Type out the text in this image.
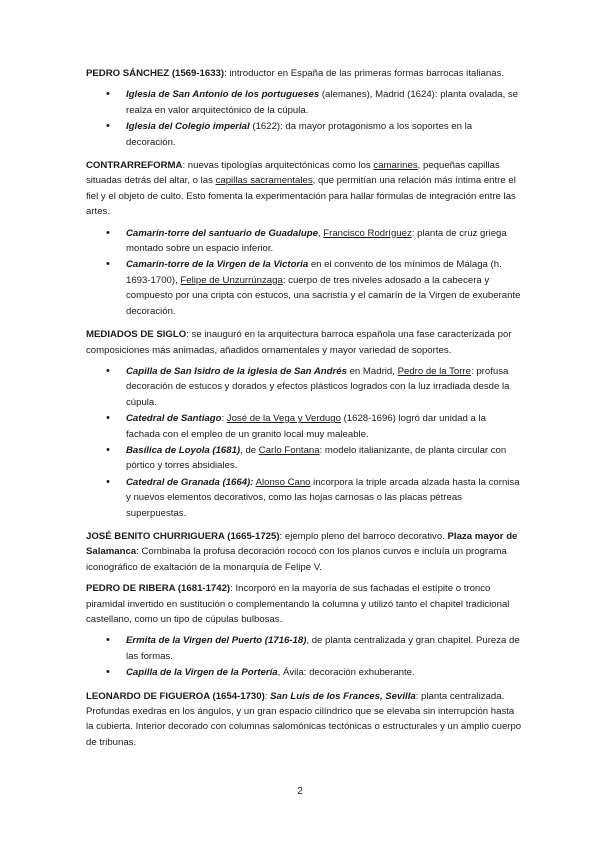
PEDRO SÁNCHEZ (1569-1633): introductor en España de las primeras formas barrocas italianas.

• Iglesia de San Antonio de los portugueses (alemanes), Madrid (1624): planta ovalada, se realza en valor arquitectónico de la cúpula.
• Iglesia del Colegio imperial (1622): da mayor protagonismo a los soportes en la decoración.

CONTRARREFORMA: nuevas tipologías arquitectónicas como los camarines, pequeñas capillas situadas detrás del altar, o las capillas sacramentales, que permitían una relación más íntima entre el fiel y el objeto de culto. Esto fomenta la experimentación para hallar fórmulas de integración entre las artes.

• Camarín-torre del santuario de Guadalupe, Francisco Rodríguez: planta de cruz griega montado sobre un espacio inferior.
• Camarín-torre de la Virgen de la Victoria en el convento de los mínimos de Málaga (h. 1693-1700), Felipe de Unzurrúnzaga: cuerpo de tres niveles adosado a la cabecera y compuesto por una cripta con estucos, una sacristía y el camarín de la Virgen de exuberante decoración.

MEDIADOS DE SIGLO: se inauguró en la arquitectura barroca española una fase caracterizada por composiciones más animadas, añadidos ornamentales y mayor variedad de soportes.

• Capilla de San Isidro de la iglesia de San Andrés en Madrid, Pedro de la Torre: profusa decoración de estucos y dorados y efectos plásticos logrados con la luz irradiada desde la cúpula.
• Catedral de Santiago: José de la Vega y Verdugo (1628-1696) logró dar unidad a la fachada con el empleo de un granito local muy maleable.
• Basílica de Loyola (1681), de Carlo Fontana: modelo italianizante, de planta circular con pórtico y torres absidiales.
• Catedral de Granada (1664): Alonso Cano incorpora la triple arcada alzada hasta la cornisa y nuevos elementos decorativos, como las hojas carnosas o las placas pétreas superpuestas.

JOSÉ BENITO CHURRIGUERA (1665-1725): ejemplo pleno del barroco decorativo. Plaza mayor de Salamanca: Combinaba la profusa decoración rococó con los planos curvos e incluía un programa iconográfico de exaltación de la monarquía de Felipe V.

PEDRO DE RIBERA (1681-1742): Incorporó en la mayoría de sus fachadas el estípite o tronco piramidal invertido en sustitución o complementando la columna y utilizó tanto el chapitel tradicional castellano, como un tipo de cúpulas bulbosas.

• Ermita de la Virgen del Puerto (1716-18), de planta centralizada y gran chapitel. Pureza de las formas.
• Capilla de la Virgen de la Portería, Ávila: decoración exhuberante.

LEONARDO DE FIGUEROA (1654-1730): San Luis de los Frances, Sevilla: planta centralizada. Profundas exedras en los ángulos, y un gran espacio cilíndrico que se elevaba sin interrupción hasta la cubierta. Interior decorado con columnas salomónicas tectónicas o estructurales y un amplio cuerpo de tribunas.

2
